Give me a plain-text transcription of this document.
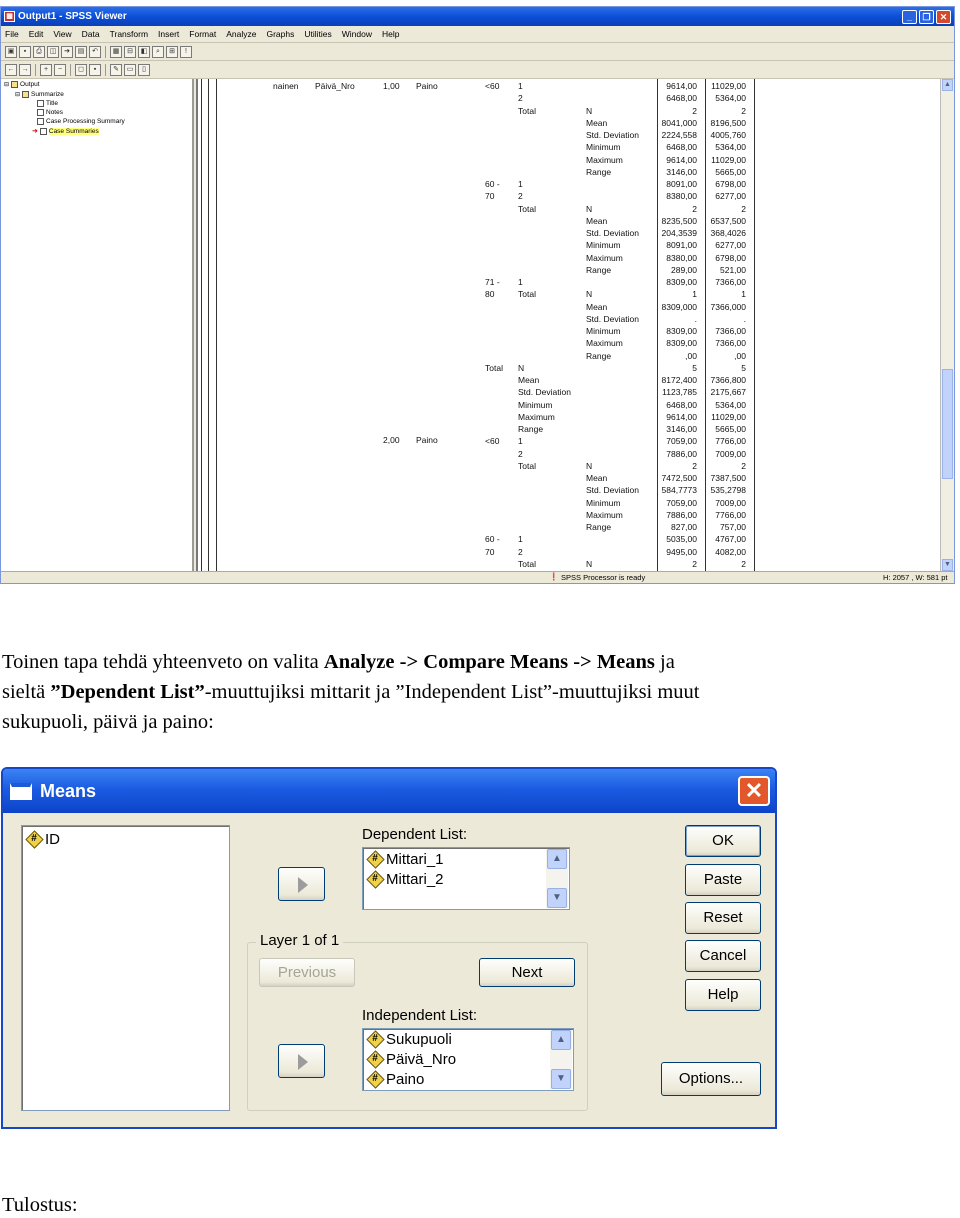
▦ Output1 - SPSS Viewer	_	❐	✕
File Edit View Data Transform Insert Format Analyze Graphs Utilities Window Help
▣	▪	⎙	◫	➔	▤	↶	▦	⊟	◧	⌕	⊞	!
←	→	+	−	◻	▪	✎	▭	▯
⊟ Output
⊟ Summarize
Title
Notes
Case Processing Summary
➜ Case Summaries
nainen Päivä_Nro	1,00 Paino
2,00 Paino
<60 1	9614,00 11029,00
2	6468,00 5364,00
Total	N	2	2
Mean	8041,000 8196,500
Std. Deviation	2224,558 4005,760
Minimum	6468,00 5364,00
Maximum	9614,00 11029,00
Range	3146,00 5665,00
60 - 1	8091,00 6798,00
70	2	8380,00 6277,00
Total	N	2	2
Mean	8235,500 6537,500
Std. Deviation	204,3539 368,4026
Minimum	8091,00 6277,00
Maximum	8380,00 6798,00
Range	289,00	521,00
71 - 1	8309,00 7366,00
80	Total	N	1	1
Mean	8309,000 7366,000
Std. Deviation	.	.
Minimum	8309,00 7366,00
Maximum	8309,00 7366,00
Range	,00	,00
Total N	5	5
Mean	8172,400 7366,800
Std. Deviation	1123,785 2175,667
Minimum	6468,00 5364,00
Maximum	9614,00 11029,00
Range	3146,00 5665,00
<60 1	7059,00 7766,00
2	7886,00 7009,00
Total	N	2	2
Mean	7472,500 7387,500
Std. Deviation	584,7773 535,2798
Minimum	7059,00 7009,00
Maximum	7886,00 7766,00
Range	827,00	757,00
60 - 1	5035,00 4767,00
70	2	9495,00 4082,00
Total	N	2	2
▲
▼
❗ SPSS Processor is ready	H: 2057 , W: 581 pt
Toinen tapa tehdä yhteenveto on valita Analyze -> Compare Means -> Means ja
sieltä ”Dependent List”-muuttujiksi mittarit ja ”Independent List”-muuttujiksi muut
sukupuoli, päivä ja paino:
Means	✕
#
ID	Dependent List:
#
Mittari_1
#
Mittari_2
▲
▼
Layer 1 of 1
Previous	Next
Independent List:
#
Sukupuoli
#
Päivä_Nro
#
Paino
▲
▼
OK
Paste
Reset
Cancel
Help
Options...
Tulostus:
